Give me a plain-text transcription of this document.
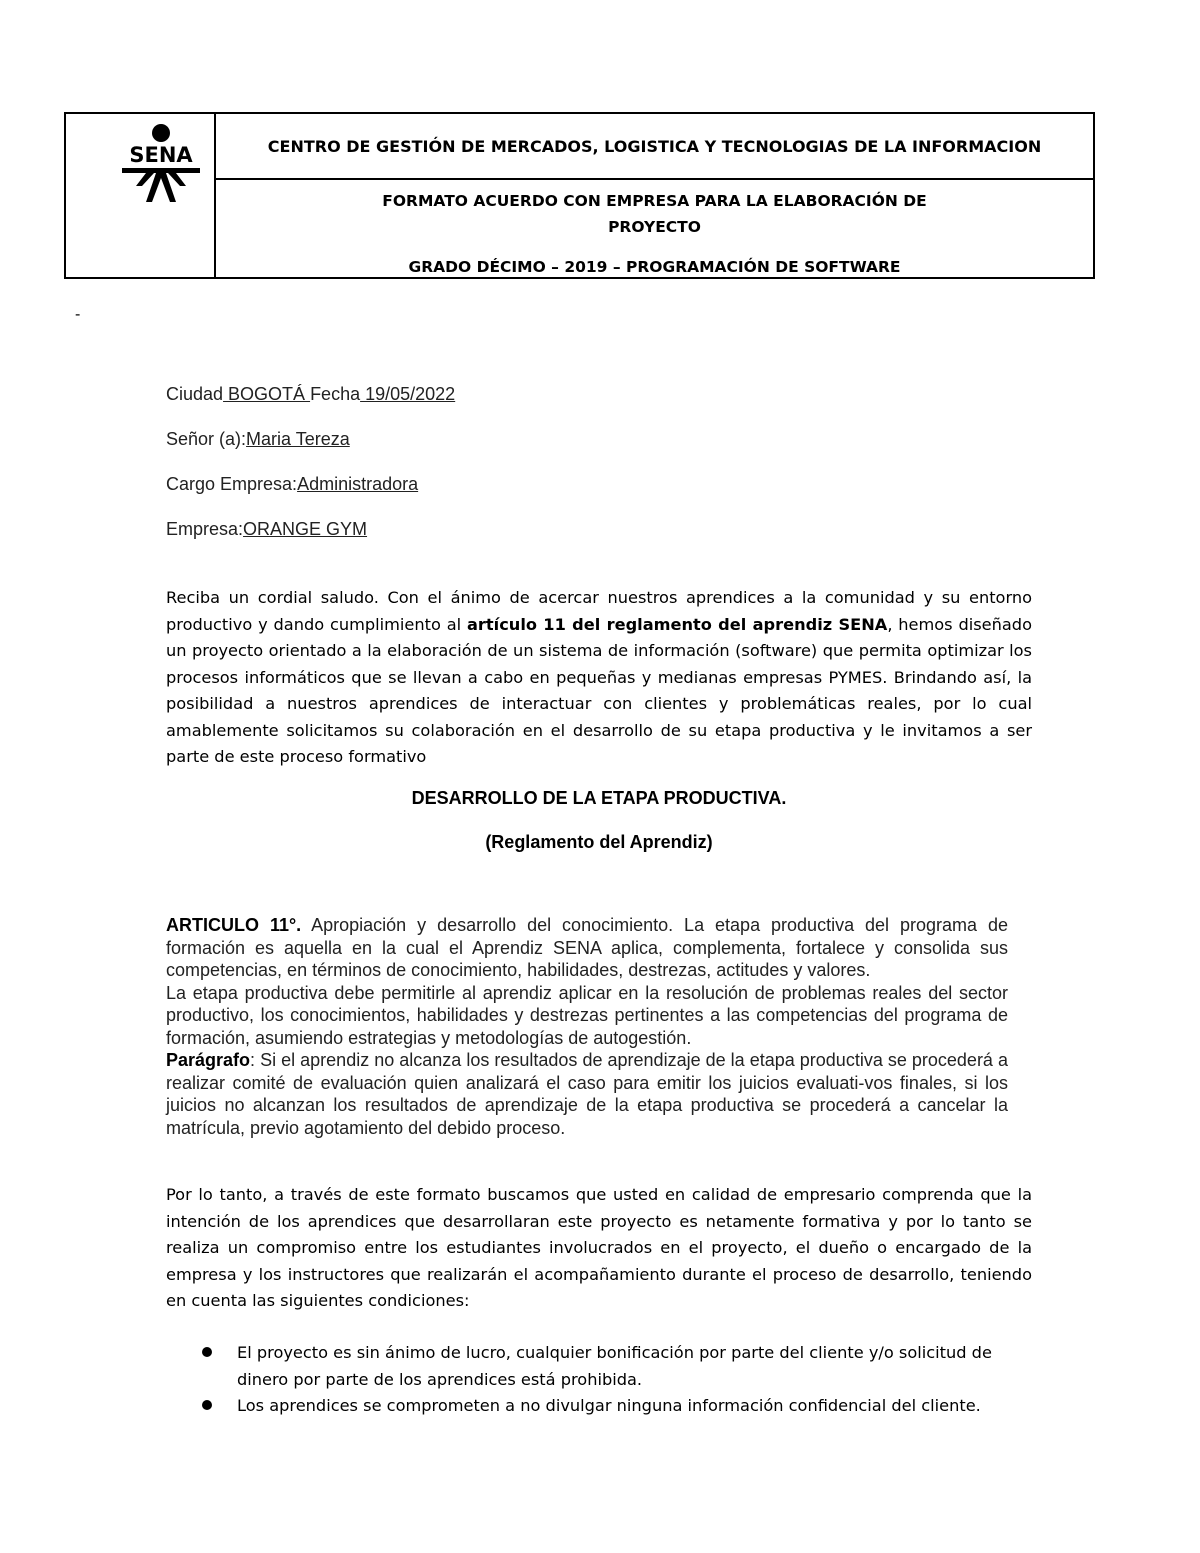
SENA	CENTRO DE GESTIÓN DE MERCADOS, LOGISTICA Y TECNOLOGIAS DE LA INFORMACION
FORMATO ACUERDO CON EMPRESA PARA LA ELABORACIÓN DE
PROYECTO
GRADO DÉCIMO – 2019 – PROGRAMACIÓN DE SOFTWARE
-
Ciudad BOGOTÁ Fecha 19/05/2022
Señor (a):Maria Tereza
Cargo Empresa:Administradora
Empresa:ORANGE GYM
Reciba un cordial saludo. Con el ánimo de acercar nuestros aprendices a la comunidad y su entorno productivo y dando cumplimiento al artículo 11 del reglamento del aprendiz SENA, hemos diseñado un proyecto orientado a la elaboración de un sistema de información (software) que permita optimizar los procesos informáticos que se llevan a cabo en pequeñas y medianas empresas PYMES. Brindando así, la posibilidad a nuestros aprendices de interactuar con clientes y problemáticas reales, por lo cual amablemente solicitamos su colaboración en el desarrollo de su etapa productiva y le invitamos a ser parte de este proceso formativo
DESARROLLO DE LA ETAPA PRODUCTIVA.
(Reglamento del Aprendiz)
ARTICULO 11°. Apropiación y desarrollo del conocimiento. La etapa productiva del programa de formación es aquella en la cual el Aprendiz SENA aplica, complementa, fortalece y consolida sus competencias, en términos de conocimiento, habilidades, destrezas, actitudes y valores.
La etapa productiva debe permitirle al aprendiz aplicar en la resolución de problemas reales del sector productivo, los conocimientos, habilidades y destrezas pertinentes a las competencias del programa de formación, asumiendo estrategias y metodologías de autogestión.
Parágrafo: Si el aprendiz no alcanza los resultados de aprendizaje de la etapa productiva se procederá a realizar comité de evaluación quien analizará el caso para emitir los juicios evaluati-vos finales, si los juicios no alcanzan los resultados de aprendizaje de la etapa productiva se procederá a cancelar la matrícula, previo agotamiento del debido proceso.
Por lo tanto, a través de este formato buscamos que usted en calidad de empresario comprenda que la intención de los aprendices que desarrollaran este proyecto es netamente formativa y por lo tanto se realiza un compromiso entre los estudiantes involucrados en el proyecto, el dueño o encargado de la empresa y los instructores que realizarán el acompañamiento durante el proceso de desarrollo, teniendo en cuenta las siguientes condiciones:
El proyecto es sin ánimo de lucro, cualquier bonificación por parte del cliente y/o solicitud de dinero por parte de los aprendices está prohibida.
Los aprendices se comprometen a no divulgar ninguna información confidencial del cliente.
